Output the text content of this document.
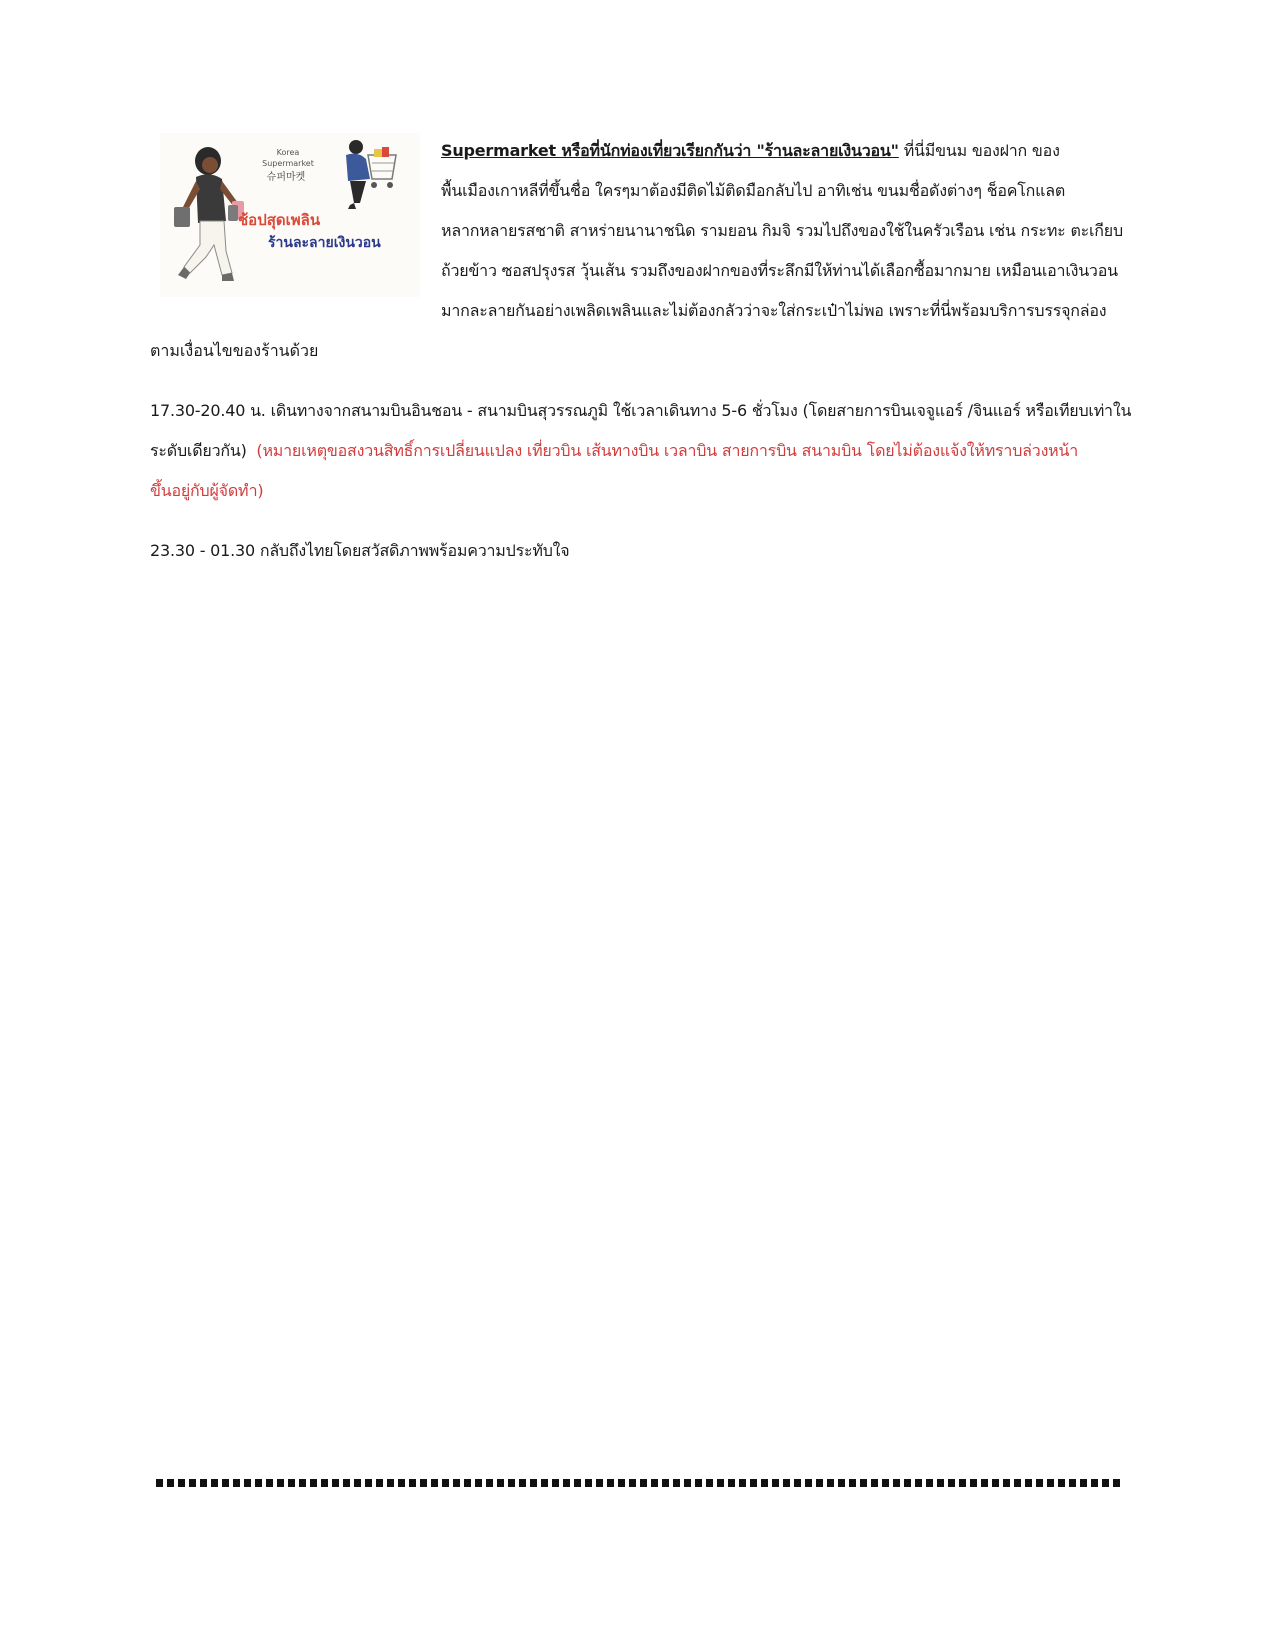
Korea
Supermarket
슈퍼마켓
ช้อปสุดเพลิน
ร้านละลายเงินวอน
Supermarket หรือที่นักท่องเที่ยวเรียกกันว่า "ร้านละลายเงินวอน" ที่นี่มีขนม ของฝาก ของ
พื้นเมืองเกาหลีที่ขึ้นชื่อ ใครๆมาต้องมีติดไม้ติดมือกลับไป อาทิเช่น ขนมชื่อดังต่างๆ ช็อคโกแลต
หลากหลายรสชาติ สาหร่ายนานาชนิด รามยอน กิมจิ รวมไปถึงของใช้ในครัวเรือน เช่น กระทะ ตะเกียบ
ถ้วยข้าว ซอสปรุงรส วุ้นเส้น รวมถึงของฝากของที่ระลึกมีให้ท่านได้เลือกซื้อมากมาย เหมือนเอาเงินวอน
มากละลายกันอย่างเพลิดเพลินและไม่ต้องกลัวว่าจะใส่กระเป๋าไม่พอ เพราะที่นี่พร้อมบริการบรรจุกล่อง
ตามเงื่อนไขของร้านด้วย
17.30-20.40 น. เดินทางจากสนามบินอินชอน - สนามบินสุวรรณภูมิ ใช้เวลาเดินทาง 5-6 ชั่วโมง (โดยสายการบินเจจูแอร์ /จินแอร์ หรือเทียบเท่าใน
ระดับเดียวกัน) (หมายเหตุขอสงวนสิทธิ์การเปลี่ยนแปลง เที่ยวบิน เส้นทางบิน เวลาบิน สายการบิน สนามบิน โดยไม่ต้องแจ้งให้ทราบล่วงหน้า
ขึ้นอยู่กับผู้จัดทำ)
23.30 - 01.30 กลับถึงไทยโดยสวัสดิภาพพร้อมความประทับใจ
